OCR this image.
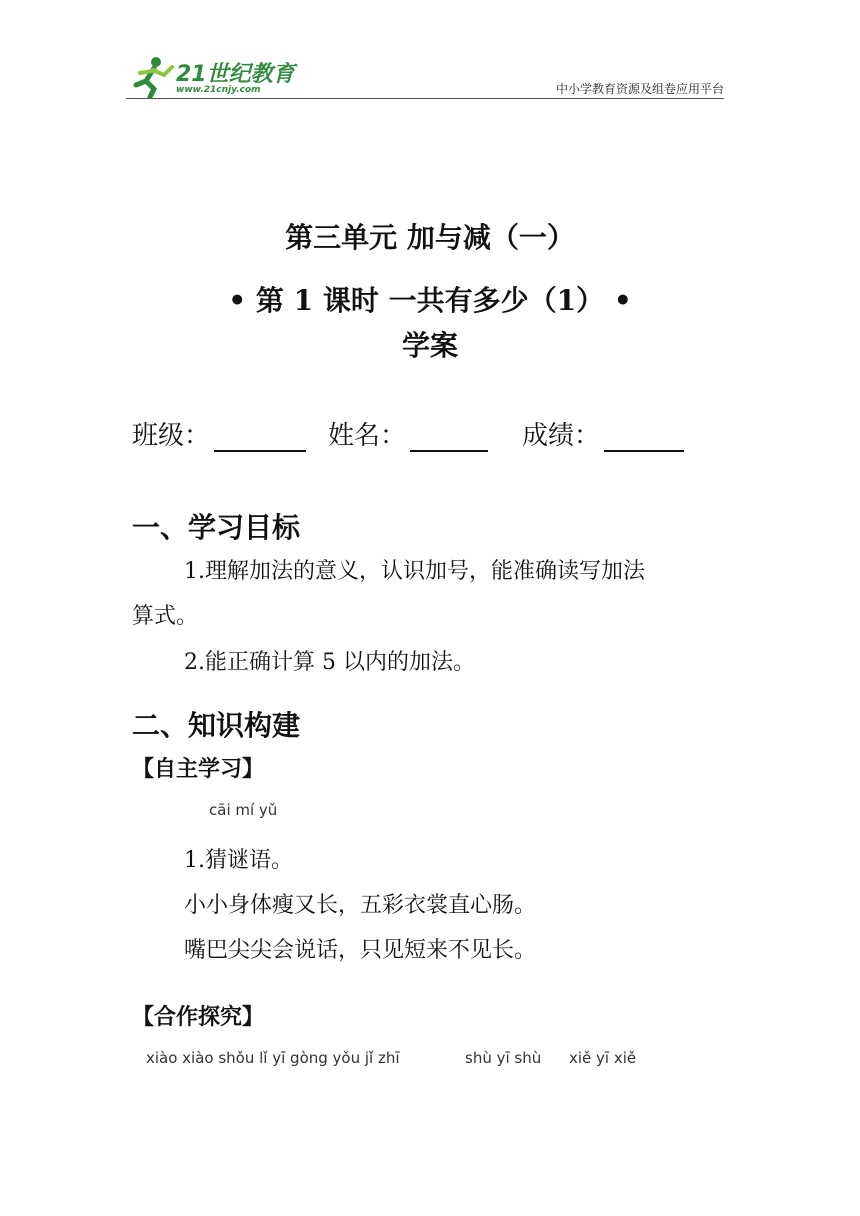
21世纪教育
www.21cnjy.com	中小学教育资源及组卷应用平台
第三单元 加与减（一）
• 第 1 课时 一共有多少（1） •
学案
班级：	姓名：	成绩：
一、学习目标
1.理解加法的意义，认识加号，能准确读写加法
算式。
2.能正确计算 5 以内的加法。
二、知识构建
【自主学习】
cāi mí yǔ
1.猜谜语。
小小身体瘦又长，五彩衣裳直心肠。
嘴巴尖尖会说话，只见短来不见长。
【合作探究】
xiào xiào shǒu lǐ yī gòng yǒu jǐ zhī	shù yī shù xiě yī xiě
